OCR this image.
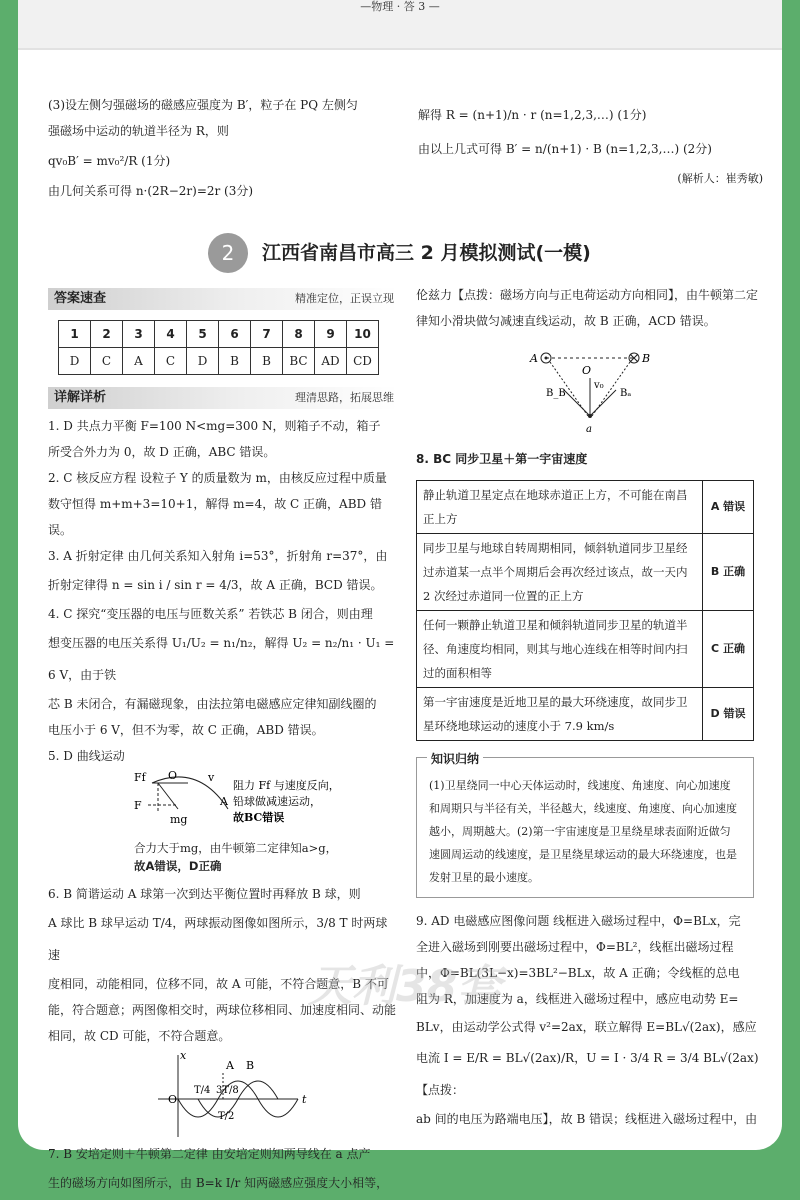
—物理 · 答 3 —

(3)设左侧匀强磁场的磁感应强度为 B′，粒子在 PQ 左侧匀

强磁场中运动的轨道半径为 R，则

qv₀B′ = mv₀²/R (1分)

由几何关系可得 n·(2R−2r)=2r (3分)

解得 R = (n+1)/n · r (n=1,2,3,…) (1分)

由以上几式可得 B′ = n/(n+1) · B (n=1,2,3,…) (2分)

(解析人：崔秀敏)

2	江西省南昌市高三 2 月模拟测试(一模)
答案速查	精准定位，正误立现
1	2	3	4	5	6	7	8	9	10
D	C	A	C	D	B	B	BC	AD	CD
详解详析	理清思路，拓展思维

1. D 共点力平衡 F=100 N<mg=300 N，则箱子不动，箱子

所受合外力为 0，故 D 正确，ABC 错误。

2. C 核反应方程 设粒子 Y 的质量数为 m，由核反应过程中质量

数守恒得 m+m+3=10+1，解得 m=4，故 C 正确，ABD 错误。

3. A 折射定律 由几何关系知入射角 i=53°，折射角 r=37°，由

折射定律得 n = sin i / sin r = 4/3，故 A 正确，BCD 错误。

4. C 探究“变压器的电压与匝数关系” 若铁芯 B 闭合，则由理

想变压器的电压关系得 U₁/U₂ = n₁/n₂，解得 U₂ = n₂/n₁ · U₁ = 6 V，由于铁

芯 B 未闭合，有漏磁现象，由法拉第电磁感应定律知副线圈的

电压小于 6 V，但不为零，故 C 正确，ABD 错误。

5. D 曲线运动

Ff O	v
F	A
mg
阻力 Ff 与速度反向，
铅球做减速运动，
故BC错误

合力大于mg，由牛顿第二定律知a>g，

故A错误，D正确

6. B 简谐运动 A 球第一次到达平衡位置时再释放 B 球，则

A 球比 B 球早运动 T/4，两球振动图像如图所示，3/8 T 时两球速

度相同，动能相同，位移不同，故 A 可能，不符合题意，B 不可

能，符合题意；两图像相交时，两球位移相同、加速度相同、动能

相同，故 CD 可能，不符合题意。

x
O	t
A B
T/4 3T/8
T/2

7. B 安培定则＋牛顿第二定律 由安培定则知两导线在 a 点产

生的磁场方向如图所示，由 B=k I/r 知两磁感应强度大小相等，

伦兹力【点拨：磁场方向与正电荷运动方向相同】，由牛顿第二定

律知小滑块做匀减速直线运动，故 B 正确，ACD 错误。

A	B
O
v₀
B_B	Bₐ
a

8. BC 同步卫星＋第一宇宙速度

静止轨道卫星定点在地球赤道正上方，不可能在南昌正上方	A 错误
同步卫星与地球自转周期相同，倾斜轨道同步卫星经过赤道某一点半个周期后会再次经过该点，故一天内 2 次经过赤道同一位置的正上方	B 正确
任何一颗静止轨道卫星和倾斜轨道同步卫星的轨道半径、角速度均相同，则其与地心连线在相等时间内扫过的面积相等	C 正确
第一宇宙速度是近地卫星的最大环绕速度，故同步卫星环绕地球运动的速度小于 7.9 km/s	D 错误
知识归纳

(1)卫星绕同一中心天体运动时，线速度、角速度、向心加速度和周期只与半径有关，半径越大，线速度、角速度、向心加速度越小，周期越大。(2)第一宇宙速度是卫星绕星球表面附近做匀速圆周运动的线速度，是卫星绕星球运动的最大环绕速度，也是发射卫星的最小速度。

9. AD 电磁感应图像问题 线框进入磁场过程中，Φ=BLx，完

全进入磁场到刚要出磁场过程中，Φ=BL²，线框出磁场过程

中，Φ=BL(3L−x)=3BL²−BLx，故 A 正确；令线框的总电

阻为 R，加速度为 a，线框进入磁场过程中，感应电动势 E=

BLv，由运动学公式得 v²=2ax，联立解得 E=BL√(2ax)，感应

电流 I = E/R = BL√(2ax)/R，U = I · 3/4 R = 3/4 BL√(2ax)【点拨：

ab 间的电压为路端电压】，故 B 错误；线框进入磁场过程中，由

天利38套
